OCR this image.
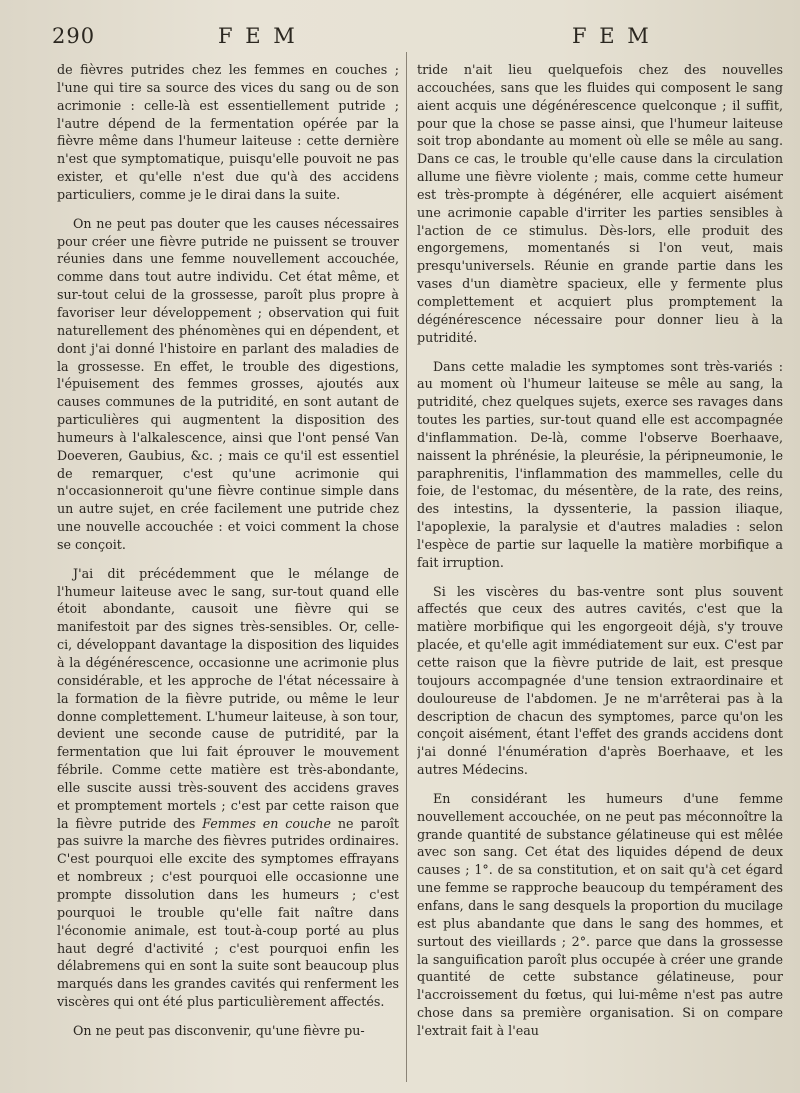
290	F E M	F E M

de fièvres putrides chez les femmes en couches ; l'une qui tire sa source des vices du sang ou de son acrimonie : celle-là est essentiellement putride ; l'autre dépend de la fermentation opérée par la fièvre même dans l'humeur laiteuse : cette dernière n'est que symptomatique, puisqu'elle pouvoit ne pas exister, et qu'elle n'est due qu'à des accidens particuliers, comme je le dirai dans la suite.

On ne peut pas douter que les causes nécessaires pour créer une fièvre putride ne puissent se trouver réunies dans une femme nouvellement accouchée, comme dans tout autre individu. Cet état même, et sur-tout celui de la grossesse, paroît plus propre à favoriser leur développement ; observation qui fuit naturellement des phénomènes qui en dépendent, et dont j'ai donné l'histoire en parlant des maladies de la grossesse. En effet, le trouble des digestions, l'épuisement des femmes grosses, ajoutés aux causes communes de la putridité, en sont autant de particulières qui augmentent la disposition des humeurs à l'alkalescence, ainsi que l'ont pensé Van Doeveren, Gaubius, &c. ; mais ce qu'il est essentiel de remarquer, c'est qu'une acrimonie qui n'occasionneroit qu'une fièvre continue simple dans un autre sujet, en crée facilement une putride chez une nouvelle accouchée : et voici comment la chose se conçoit.

J'ai dit précédemment que le mélange de l'humeur laiteuse avec le sang, sur-tout quand elle étoit abondante, causoit une fièvre qui se manifestoit par des signes très-sensibles. Or, celle-ci, développant davantage la disposition des liquides à la dégénérescence, occasionne une acrimonie plus considérable, et les approche de l'état nécessaire à la formation de la fièvre putride, ou même le leur donne complettement. L'humeur laiteuse, à son tour, devient une seconde cause de putridité, par la fermentation que lui fait éprouver le mouvement fébrile. Comme cette matière est très-abondante, elle suscite aussi très-souvent des accidens graves et promptement mortels ; c'est par cette raison que la fièvre putride des Femmes en couche ne paroît pas suivre la marche des fièvres putrides ordinaires. C'est pourquoi elle excite des symptomes effrayans et nombreux ; c'est pourquoi elle occasionne une prompte dissolution dans les humeurs ; c'est pourquoi le trouble qu'elle fait naître dans l'économie animale, est tout-à-coup porté au plus haut degré d'activité ; c'est pourquoi enfin les délabremens qui en sont la suite sont beaucoup plus marqués dans les grandes cavités qui renferment les viscères qui ont été plus particulièrement affectés.

On ne peut pas disconvenir, qu'une fièvre pu-

tride n'ait lieu quelquefois chez des nouvelles accouchées, sans que les fluides qui composent le sang aient acquis une dégénérescence quelconque ; il suffit, pour que la chose se passe ainsi, que l'humeur laiteuse soit trop abondante au moment où elle se mêle au sang. Dans ce cas, le trouble qu'elle cause dans la circulation allume une fièvre violente ; mais, comme cette humeur est très-prompte à dégénérer, elle acquiert aisément une acrimonie capable d'irriter les parties sensibles à l'action de ce stimulus. Dès-lors, elle produit des engorgemens, momentanés si l'on veut, mais presqu'universels. Réunie en grande partie dans les vases d'un diamètre spacieux, elle y fermente plus complettement et acquiert plus promptement la dégénérescence nécessaire pour donner lieu à la putridité.

Dans cette maladie les symptomes sont très-variés : au moment où l'humeur laiteuse se mêle au sang, la putridité, chez quelques sujets, exerce ses ravages dans toutes les parties, sur-tout quand elle est accompagnée d'inflammation. De-là, comme l'observe Boerhaave, naissent la phrénésie, la pleurésie, la péripneumonie, le paraphrenitis, l'inflammation des mammelles, celle du foie, de l'estomac, du mésentère, de la rate, des reins, des intestins, la dyssenterie, la passion iliaque, l'apoplexie, la paralysie et d'autres maladies : selon l'espèce de partie sur laquelle la matière morbifique a fait irruption.

Si les viscères du bas-ventre sont plus souvent affectés que ceux des autres cavités, c'est que la matière morbifique qui les engorgeoit déjà, s'y trouve placée, et qu'elle agit immédiatement sur eux. C'est par cette raison que la fièvre putride de lait, est presque toujours accompagnée d'une tension extraordinaire et douloureuse de l'abdomen. Je ne m'arrêterai pas à la description de chacun des symptomes, parce qu'on les conçoit aisément, étant l'effet des grands accidens dont j'ai donné l'énumération d'après Boerhaave, et les autres Médecins.

En considérant les humeurs d'une femme nouvellement accouchée, on ne peut pas méconnoître la grande quantité de substance gélatineuse qui est mêlée avec son sang. Cet état des liquides dépend de deux causes ; 1°. de sa constitution, et on sait qu'à cet égard une femme se rapproche beaucoup du tempérament des enfans, dans le sang desquels la proportion du mucilage est plus abandante que dans le sang des hommes, et surtout des vieillards ; 2°. parce que dans la grossesse la sanguification paroît plus occupée à créer une grande quantité de cette substance gélatineuse, pour l'accroissement du fœtus, qui lui-même n'est pas autre chose dans sa première organisation. Si on compare l'extrait fait à l'eau
